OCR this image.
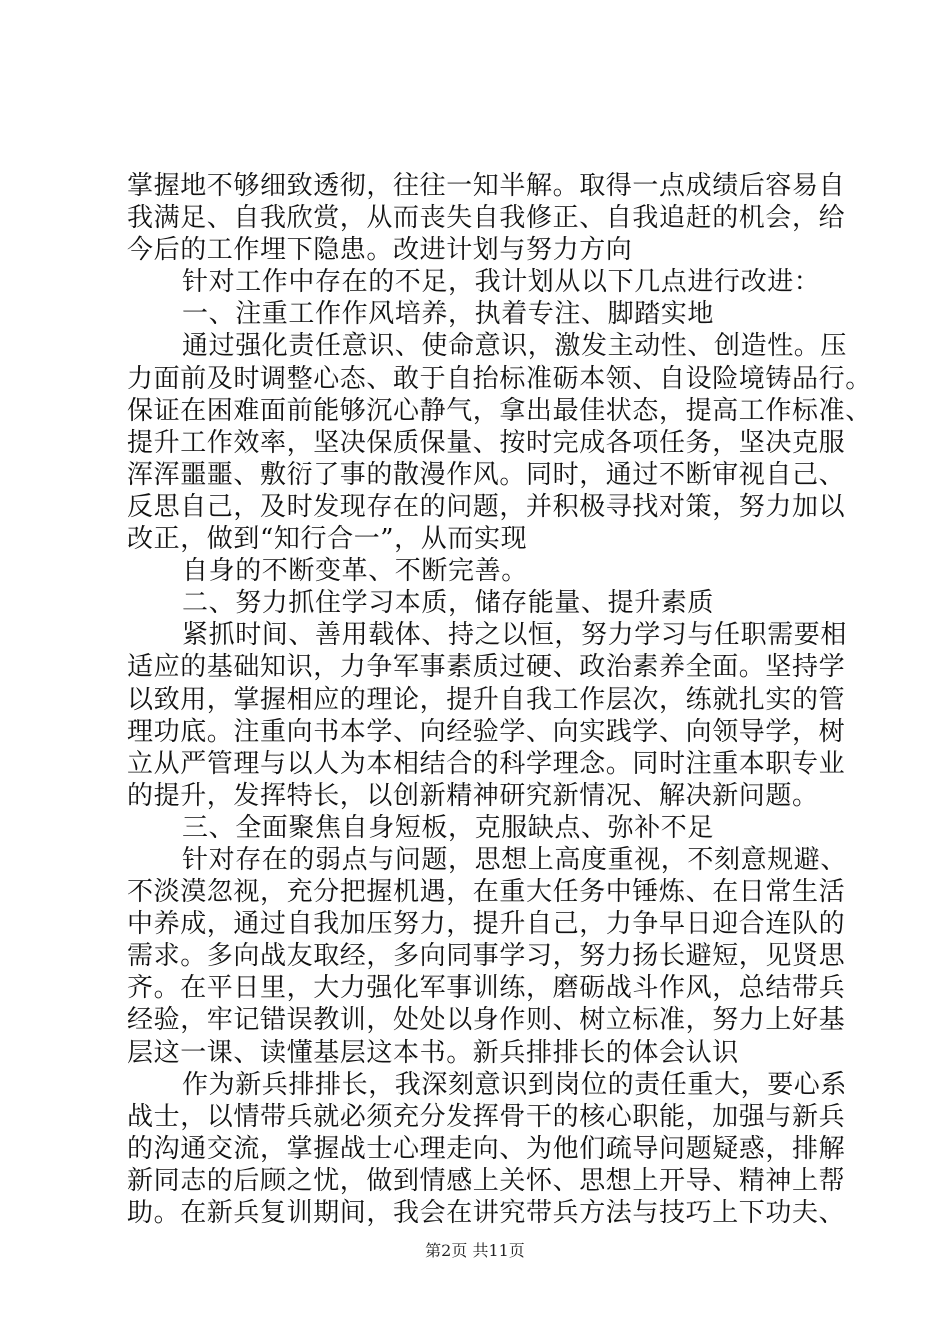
掌握地不够细致透彻，往往一知半解。取得一点成绩后容易自
我满足、自我欣赏，从而丧失自我修正、自我追赶的机会，给
今后的工作埋下隐患。改进计划与努力方向
针对工作中存在的不足，我计划从以下几点进行改进：
一、注重工作作风培养，执着专注、脚踏实地
通过强化责任意识、使命意识，激发主动性、创造性。压
力面前及时调整心态、敢于自抬标准砺本领、自设险境铸品行。
保证在困难面前能够沉心静气，拿出最佳状态，提高工作标准、
提升工作效率，坚决保质保量、按时完成各项任务，坚决克服
浑浑噩噩、敷衍了事的散漫作风。同时，通过不断审视自己、
反思自己，及时发现存在的问题，并积极寻找对策，努力加以
改正，做到“知行合一”，从而实现
自身的不断变革、不断完善。
二、努力抓住学习本质，储存能量、提升素质
紧抓时间、善用载体、持之以恒，努力学习与任职需要相
适应的基础知识，力争军事素质过硬、政治素养全面。坚持学
以致用，掌握相应的理论，提升自我工作层次，练就扎实的管
理功底。注重向书本学、向经验学、向实践学、向领导学，树
立从严管理与以人为本相结合的科学理念。同时注重本职专业
的提升，发挥特长，以创新精神研究新情况、解决新问题。
三、全面聚焦自身短板，克服缺点、弥补不足
针对存在的弱点与问题，思想上高度重视，不刻意规避、
不淡漠忽视，充分把握机遇，在重大任务中锤炼、在日常生活
中养成，通过自我加压努力，提升自己，力争早日迎合连队的
需求。多向战友取经，多向同事学习，努力扬长避短，见贤思
齐。在平日里，大力强化军事训练，磨砺战斗作风，总结带兵
经验，牢记错误教训，处处以身作则、树立标准，努力上好基
层这一课、读懂基层这本书。新兵排排长的体会认识
作为新兵排排长，我深刻意识到岗位的责任重大，要心系
战士，以情带兵就必须充分发挥骨干的核心职能，加强与新兵
的沟通交流，掌握战士心理走向、为他们疏导问题疑惑，排解
新同志的后顾之忧，做到情感上关怀、思想上开导、精神上帮
助。在新兵复训期间，我会在讲究带兵方法与技巧上下功夫、
第2页 共11页
